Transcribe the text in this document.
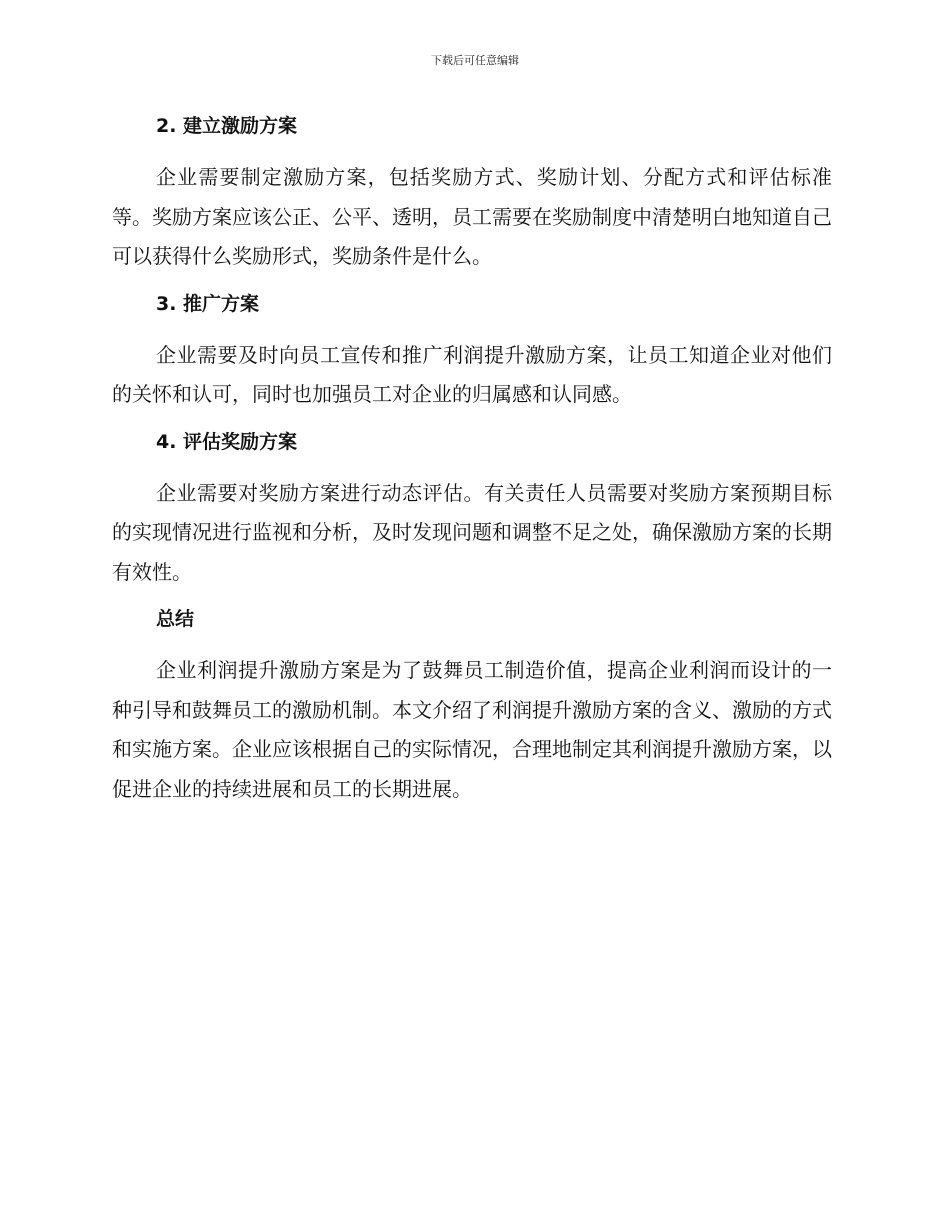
下载后可任意编辑
2. 建立激励方案

企业需要制定激励方案，包括奖励方式、奖励计划、分配方式和评估标准等。奖励方案应该公正、公平、透明，员工需要在奖励制度中清楚明白地知道自己可以获得什么奖励形式，奖励条件是什么。

3. 推广方案

企业需要及时向员工宣传和推广利润提升激励方案，让员工知道企业对他们的关怀和认可，同时也加强员工对企业的归属感和认同感。

4. 评估奖励方案

企业需要对奖励方案进行动态评估。有关责任人员需要对奖励方案预期目标的实现情况进行监视和分析，及时发现问题和调整不足之处，确保激励方案的长期有效性。

总结

企业利润提升激励方案是为了鼓舞员工制造价值，提高企业利润而设计的一种引导和鼓舞员工的激励机制。本文介绍了利润提升激励方案的含义、激励的方式和实施方案。企业应该根据自己的实际情况，合理地制定其利润提升激励方案，以促进企业的持续进展和员工的长期进展。
